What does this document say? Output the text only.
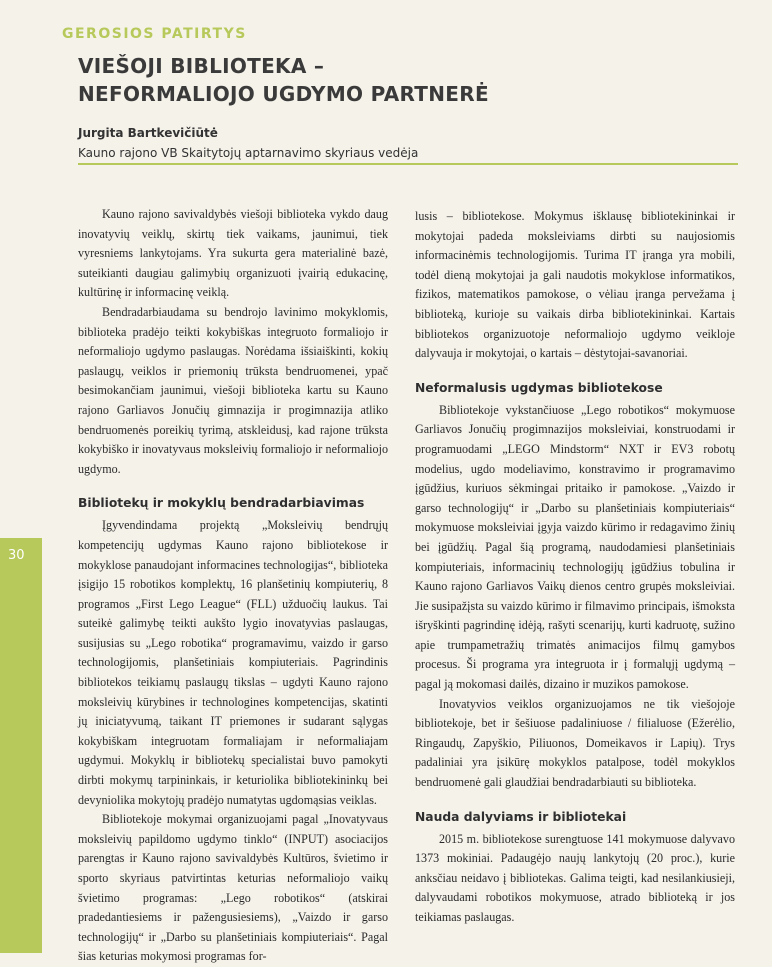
GEROSIOS PATIRTYS
VIEŠOJI BIBLIOTEKA –
NEFORMALIOJO UGDYMO PARTNERĖ
Jurgita Bartkevičiūtė
Kauno rajono VB Skaitytojų aptarnavimo skyriaus vedėja

Kauno rajono savivaldybės viešoji biblioteka vykdo daug inovatyvių veiklų, skirtų tiek vaikams, jaunimui, tiek vyresniems lankytojams. Yra sukurta gera materialinė bazė, suteikianti daugiau galimybių organizuoti įvairią edukacinę, kultūrinę ir informacinę veiklą.

Bendradarbiaudama su bendrojo lavinimo mokyklomis, biblioteka pradėjo teikti kokybiškas integruoto formaliojo ir neformaliojo ugdymo paslaugas. Norėdama išsiaiškinti, kokių paslaugų, veiklos ir priemonių trūksta bendruomenei, ypač besimokančiam jaunimui, viešoji biblioteka kartu su Kauno rajono Garliavos Jonučių gimnazija ir progimnazija atliko bendruomenės poreikių tyrimą, atskleidusį, kad rajone trūksta kokybiško ir inovatyvaus moksleivių formaliojo ir neformaliojo ugdymo.

Bibliotekų ir mokyklų bendradarbiavimas

Įgyvendindama projektą „Moksleivių bendrųjų kompetencijų ugdymas Kauno rajono bibliotekose ir mokyklose panaudojant informacines technologijas“, biblioteka įsigijo 15 robotikos komplektų, 16 planšetinių kompiuterių, 8 programos „First Lego League“ (FLL) užduočių laukus. Tai suteikė galimybę teikti aukšto lygio inovatyvias paslaugas, susijusias su „Lego robotika“ programavimu, vaizdo ir garso technologijomis, planšetiniais kompiuteriais. Pagrindinis bibliotekos teikiamų paslaugų tikslas – ugdyti Kauno rajono moksleivių kūrybines ir technologines kompetencijas, skatinti jų iniciatyvumą, taikant IT priemones ir sudarant sąlygas kokybiškam integruotam formaliajam ir neformaliajam ugdymui. Mokyklų ir bibliotekų specialistai buvo pamokyti dirbti mokymų tarpininkais, ir keturiolika bibliotekininkų bei devyniolika mokytojų pradėjo numatytas ugdomąsias veiklas.

Bibliotekoje mokymai organizuojami pagal „Inovatyvaus moksleivių papildomo ugdymo tinklo“ (INPUT) asociacijos parengtas ir Kauno rajono savivaldybės Kultūros, švietimo ir sporto skyriaus patvirtintas keturias neformaliojo vaikų švietimo programas: „Lego robotikos“ (atskirai pradedantiesiems ir pažengusiesiems), „Vaizdo ir garso technologijų“ ir „Darbo su planšetiniais kompiuteriais“. Pagal šias keturias mokymosi programas for-

lusis – bibliotekose. Mokymus išklausę bibliotekininkai ir mokytojai padeda moksleiviams dirbti su naujosiomis informacinėmis technologijomis. Turima IT įranga yra mobili, todėl dieną mokytojai ja gali naudotis mokyklose informatikos, fizikos, matematikos pamokose, o vėliau įranga pervežama į biblioteką, kurioje su vaikais dirba bibliotekininkai. Kartais bibliotekos organizuotoje neformaliojo ugdymo veikloje dalyvauja ir mokytojai, o kartais – dėstytojai-savanoriai.

Neformalusis ugdymas bibliotekose

Bibliotekoje vykstančiuose „Lego robotikos“ mokymuose Garliavos Jonučių progimnazijos moksleiviai, konstruodami ir programuodami „LEGO Mindstorm“ NXT ir EV3 robotų modelius, ugdo modeliavimo, konstravimo ir programavimo įgūdžius, kuriuos sėkmingai pritaiko ir pamokose. „Vaizdo ir garso technologijų“ ir „Darbo su planšetiniais kompiuteriais“ mokymuose moksleiviai įgyja vaizdo kūrimo ir redagavimo žinių bei įgūdžių. Pagal šią programą, naudodamiesi planšetiniais kompiuteriais, informacinių technologijų įgūdžius tobulina ir Kauno rajono Garliavos Vaikų dienos centro grupės moksleiviai. Jie susipažįsta su vaizdo kūrimo ir filmavimo principais, išmoksta išryškinti pagrindinę idėją, rašyti scenarijų, kurti kadruotę, sužino apie trumpametražių trimatės animacijos filmų gamybos procesus. Ši programa yra integruota ir į formalųjį ugdymą – pagal ją mokomasi dailės, dizaino ir muzikos pamokose.

Inovatyvios veiklos organizuojamos ne tik viešojoje bibliotekoje, bet ir šešiuose padaliniuose / filialuose (Ežerėlio, Ringaudų, Zapyškio, Piliuonos, Domeikavos ir Lapių). Trys padaliniai yra įsikūrę mokyklos patalpose, todėl mokyklos bendruomenė gali glaudžiai bendradarbiauti su biblioteka.

Nauda dalyviams ir bibliotekai

2015 m. bibliotekose surengtuose 141 mokymuose dalyvavo 1373 mokiniai. Padaugėjo naujų lankytojų (20 proc.), kurie anksčiau neidavo į bibliotekas. Galima teigti, kad nesilankiusieji, dalyvaudami robotikos mokymuose, atrado biblioteką ir jos teikiamas paslaugas.

30
